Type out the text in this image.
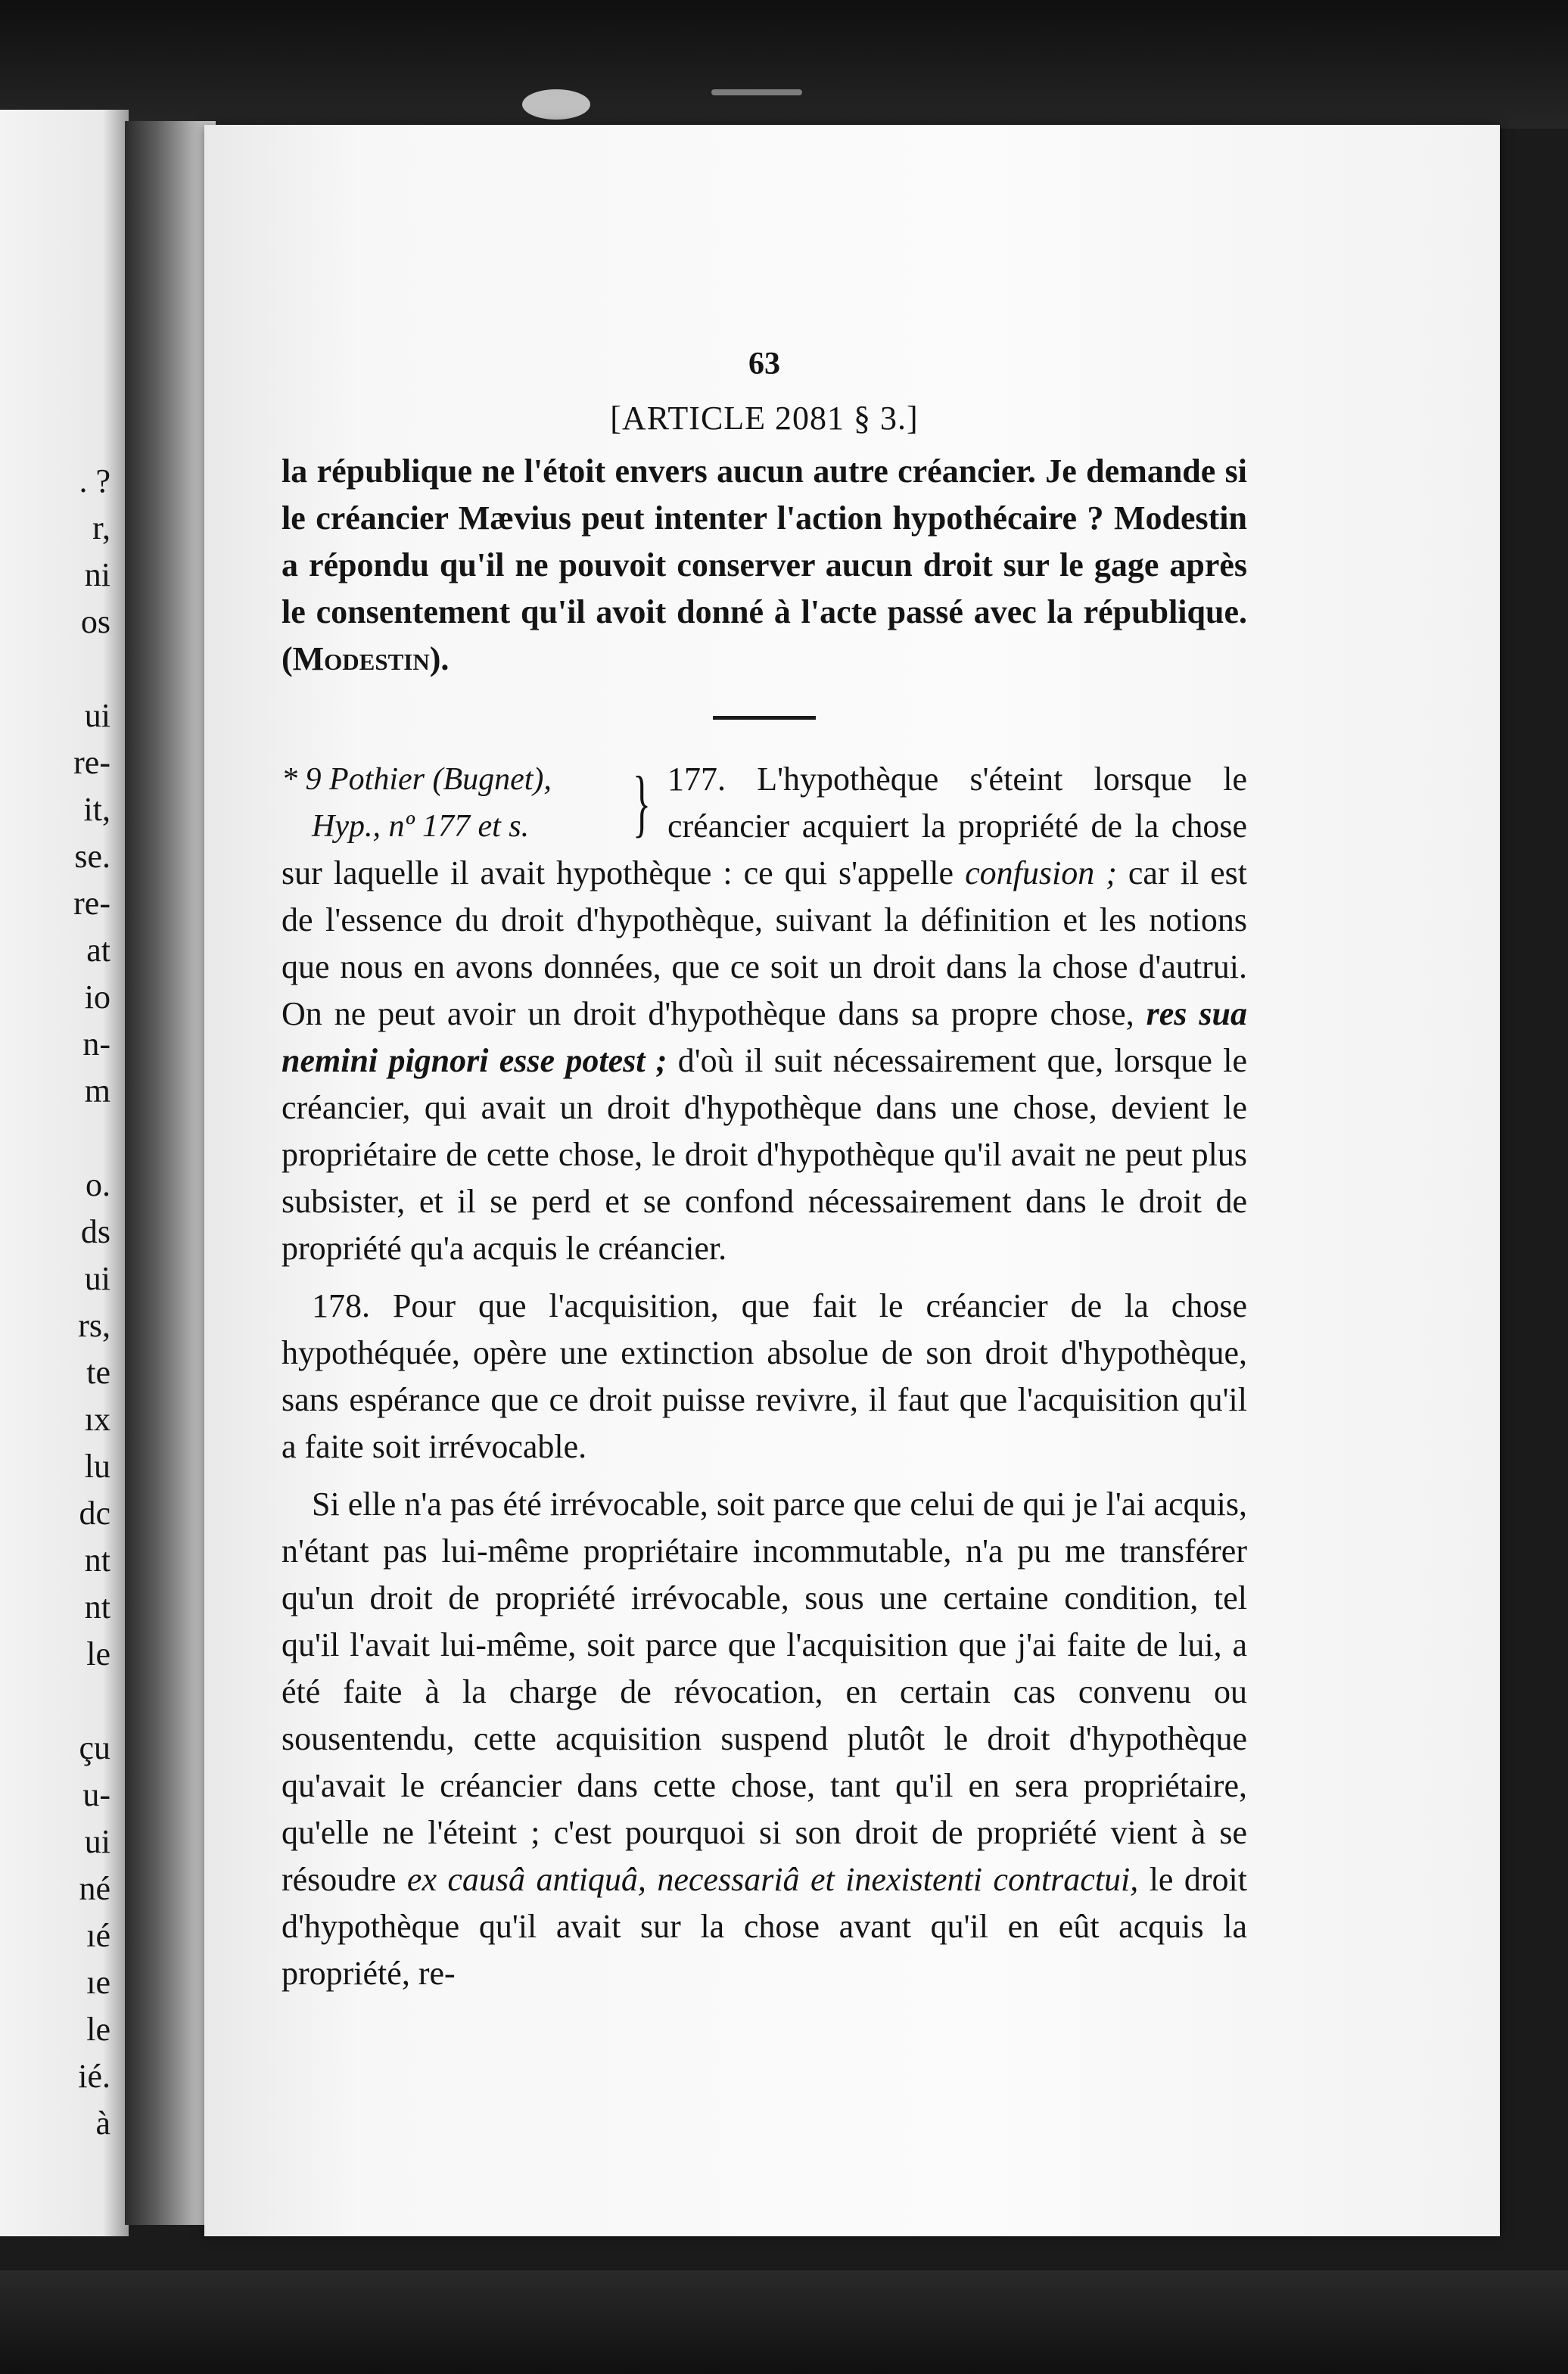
. ?
r,
ni
os
ui
re-
it,
se.
re-
at
io
n-
m
o.
ds
ui
rs,
te
ıx
lu
dc
nt
nt
le
çu
u-
ui
né
ıé
ıe
le
ié.
à
63
[ARTICLE 2081 § 3.]

la république ne l'étoit envers aucun autre créancier. Je demande si le créancier Mævius peut intenter l'action hypothécaire ? Modestin a répondu qu'il ne pouvoit conserver aucun droit sur le gage après le consentement qu'il avoit donné à l'acte passé avec la république. (Modestin).

* 9 Pothier (Bugnet),
Hyp., nº 177 et s.	} 177. L'hypothèque s'éteint lorsque le créancier acquiert la propriété de la chose sur laquelle il avait hypothèque : ce qui s'appelle confusion ; car il est de l'essence du droit d'hypothèque, suivant la définition et les notions que nous en avons données, que ce soit un droit dans la chose d'autrui. On ne peut avoir un droit d'hypothèque dans sa propre chose, res sua nemini pignori esse potest ; d'où il suit nécessairement que, lorsque le créancier, qui avait un droit d'hypothèque dans une chose, devient le propriétaire de cette chose, le droit d'hypothèque qu'il avait ne peut plus subsister, et il se perd et se confond nécessairement dans le droit de propriété qu'a acquis le créancier.

178. Pour que l'acquisition, que fait le créancier de la chose hypothéquée, opère une extinction absolue de son droit d'hypothèque, sans espérance que ce droit puisse revivre, il faut que l'acquisition qu'il a faite soit irrévocable.

Si elle n'a pas été irrévocable, soit parce que celui de qui je l'ai acquis, n'étant pas lui-même propriétaire incommutable, n'a pu me transférer qu'un droit de propriété irrévocable, sous une certaine condition, tel qu'il l'avait lui-même, soit parce que l'acquisition que j'ai faite de lui, a été faite à la charge de révocation, en certain cas convenu ou sousentendu, cette acquisition suspend plutôt le droit d'hypothèque qu'avait le créancier dans cette chose, tant qu'il en sera propriétaire, qu'elle ne l'éteint ; c'est pourquoi si son droit de propriété vient à se résoudre ex causâ antiquâ, necessariâ et inexistenti contractui, le droit d'hypothèque qu'il avait sur la chose avant qu'il en eût acquis la propriété, re-
